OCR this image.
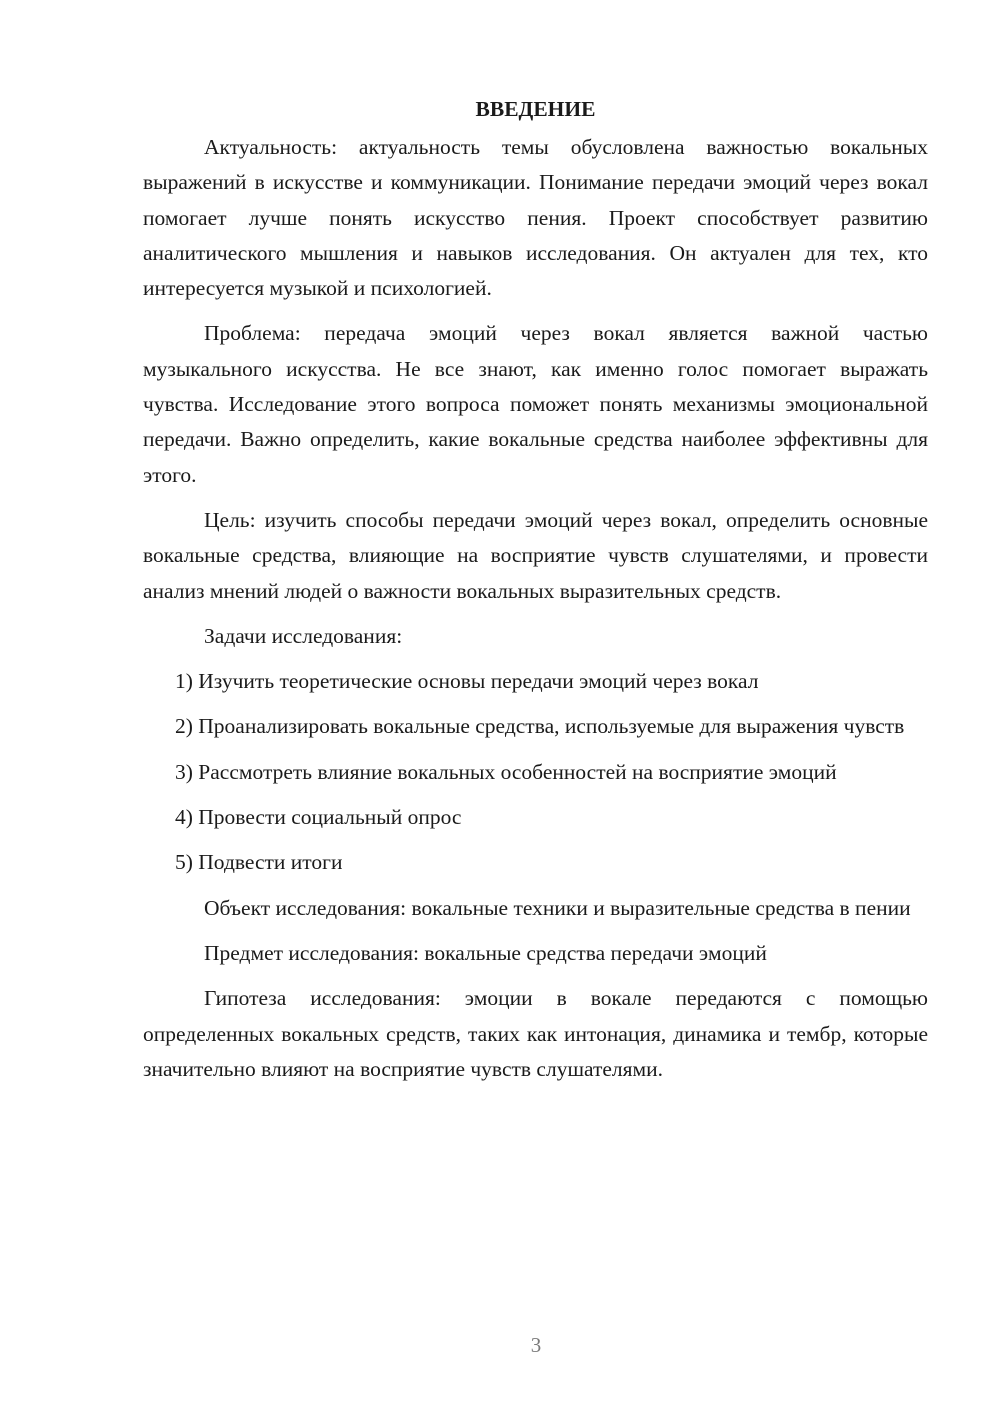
ВВЕДЕНИЕ

Актуальность: актуальность темы обусловлена важностью вокальных выражений в искусстве и коммуникации. Понимание передачи эмоций через вокал помогает лучше понять искусство пения. Проект способствует развитию аналитического мышления и навыков исследования. Он актуален для тех, кто интересуется музыкой и психологией.

Проблема: передача эмоций через вокал является важной частью музыкального искусства. Не все знают, как именно голос помогает выражать чувства. Исследование этого вопроса поможет понять механизмы эмоциональной передачи. Важно определить, какие вокальные средства наиболее эффективны для этого.

Цель: изучить способы передачи эмоций через вокал, определить основные вокальные средства, влияющие на восприятие чувств слушателями, и провести анализ мнений людей о важности вокальных выразительных средств.

Задачи исследования:

1) Изучить теоретические основы передачи эмоций через вокал

2) Проанализировать вокальные средства, используемые для выражения чувств

3) Рассмотреть влияние вокальных особенностей на восприятие эмоций

4) Провести социальный опрос

5) Подвести итоги

Объект исследования: вокальные техники и выразительные средства в пении

Предмет исследования: вокальные средства передачи эмоций

Гипотеза исследования: эмоции в вокале передаются с помощью определенных вокальных средств, таких как интонация, динамика и тембр, которые значительно влияют на восприятие чувств слушателями.

3
